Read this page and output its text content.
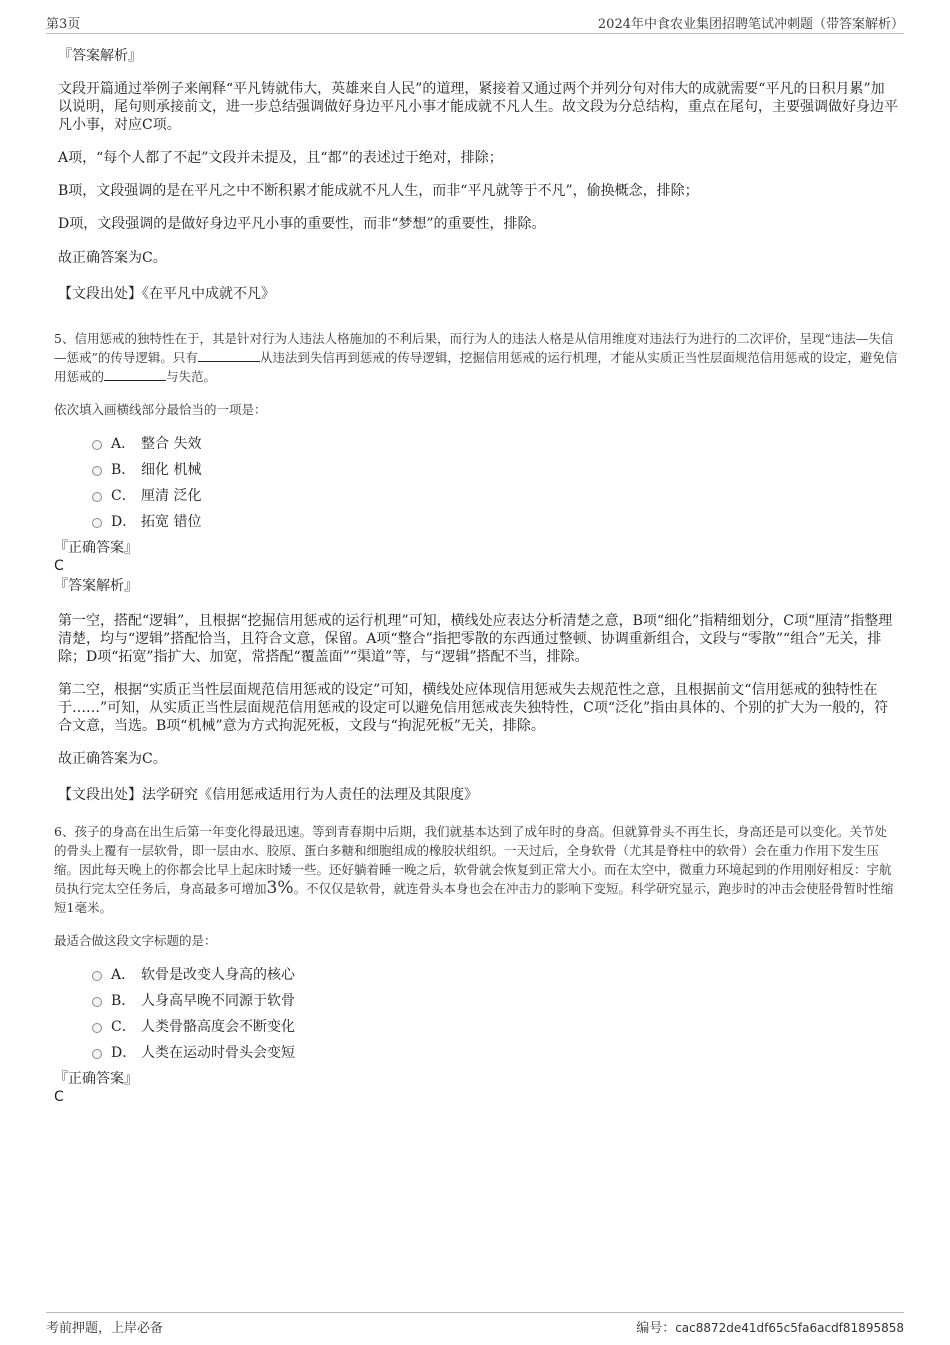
第3页	2024年中食农业集团招聘笔试冲刺题（带答案解析）
『答案解析』

文段开篇通过举例子来阐释“平凡铸就伟大，英雄来自人民”的道理，紧接着又通过两个并列分句对伟大的成就需要“平凡的日积月累”加以说明，尾句则承接前文，进一步总结强调做好身边平凡小事才能成就不凡人生。故文段为分总结构，重点在尾句，主要强调做好身边平凡小事，对应C项。

A项，“每个人都了不起”文段并未提及，且“都”的表述过于绝对，排除；

B项，文段强调的是在平凡之中不断积累才能成就不凡人生，而非“平凡就等于不凡”，偷换概念，排除；

D项，文段强调的是做好身边平凡小事的重要性，而非“梦想”的重要性，排除。

故正确答案为C。

【文段出处】《在平凡中成就不凡》

5、信用惩戒的独特性在于，其是针对行为人违法人格施加的不利后果，而行为人的违法人格是从信用维度对违法行为进行的二次评价，呈现“违法—失信—惩戒”的传导逻辑。只有	从违法到失信再到惩戒的传导逻辑，挖掘信用惩戒的运行机理，才能从实质正当性层面规范信用惩戒的设定，避免信用惩戒的	与失范。

依次填入画横线部分最恰当的一项是：

A． 整合 失效
B． 细化 机械
C． 厘清 泛化
D． 拓宽 错位
『正确答案』
C
『答案解析』

第一空，搭配“逻辑”，且根据“挖掘信用惩戒的运行机理”可知，横线处应表达分析清楚之意，B项“细化”指精细划分，C项“厘清”指整理清楚，均与“逻辑”搭配恰当，且符合文意，保留。A项“整合”指把零散的东西通过整顿、协调重新组合，文段与“零散”“组合”无关，排除；D项“拓宽”指扩大、加宽，常搭配“覆盖面”“渠道”等，与“逻辑”搭配不当，排除。

第二空，根据“实质正当性层面规范信用惩戒的设定”可知，横线处应体现信用惩戒失去规范性之意，且根据前文“信用惩戒的独特性在于……”可知，从实质正当性层面规范信用惩戒的设定可以避免信用惩戒丧失独特性，C项“泛化”指由具体的、个别的扩大为一般的，符合文意，当选。B项“机械”意为方式拘泥死板，文段与“拘泥死板”无关，排除。

故正确答案为C。

【文段出处】法学研究《信用惩戒适用行为人责任的法理及其限度》

6、孩子的身高在出生后第一年变化得最迅速。等到青春期中后期，我们就基本达到了成年时的身高。但就算骨头不再生长，身高还是可以变化。关节处的骨头上覆有一层软骨，即一层由水、胶原、蛋白多糖和细胞组成的橡胶状组织。一天过后，全身软骨（尤其是脊柱中的软骨）会在重力作用下发生压缩。因此每天晚上的你都会比早上起床时矮一些。还好躺着睡一晚之后，软骨就会恢复到正常大小。而在太空中，微重力环境起到的作用刚好相反：宇航员执行完太空任务后，身高最多可增加3%。不仅仅是软骨，就连骨头本身也会在冲击力的影响下变短。科学研究显示，跑步时的冲击会使胫骨暂时性缩短1毫米。

最适合做这段文字标题的是：

A． 软骨是改变人身高的核心
B． 人身高早晚不同源于软骨
C． 人类骨骼高度会不断变化
D． 人类在运动时骨头会变短
『正确答案』
C
考前押题，上岸必备	编号：cac8872de41df65c5fa6acdf81895858
